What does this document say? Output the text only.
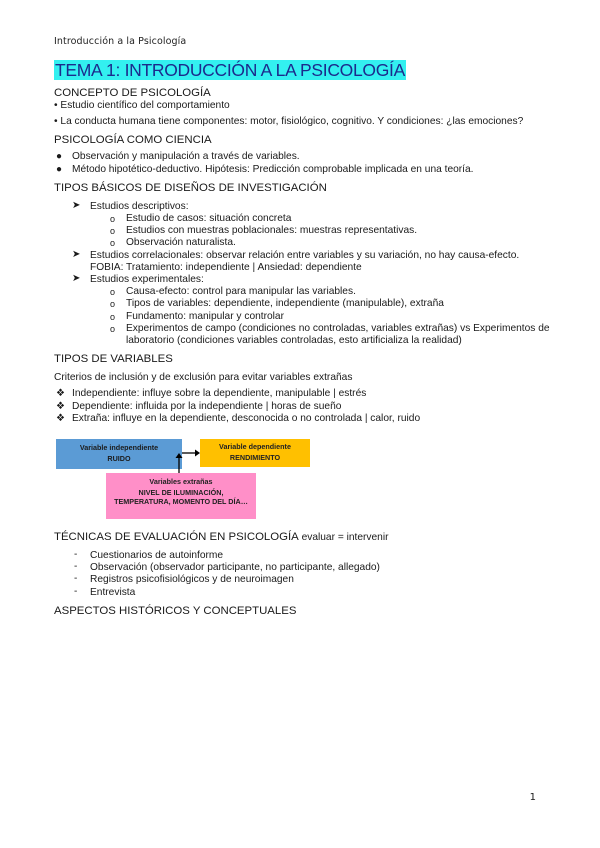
Introducción a la Psicología
TEMA 1: INTRODUCCIÓN A LA PSICOLOGÍA
CONCEPTO DE PSICOLOGÍA
• Estudio científico del comportamiento
• La conducta humana tiene componentes: motor, fisiológico, cognitivo. Y condiciones: ¿las emociones?
PSICOLOGÍA COMO CIENCIA
● Observación y manipulación a través de variables.
● Método hipotético-deductivo. Hipótesis: Predicción comprobable implicada en una teoría.
TIPOS BÁSICOS DE DISEÑOS DE INVESTIGACIÓN
➤ Estudios descriptivos:
o Estudio de casos: situación concreta
o Estudios con muestras poblacionales: muestras representativas.
o Observación naturalista.
➤ Estudios correlacionales: observar relación entre variables y su variación, no hay causa-efecto. FOBIA: Tratamiento: independiente | Ansiedad: dependiente
➤ Estudios experimentales:
o Causa-efecto: control para manipular las variables.
o Tipos de variables: dependiente, independiente (manipulable), extraña
o Fundamento: manipular y controlar
o Experimentos de campo (condiciones no controladas, variables extrañas) vs Experimentos de laboratorio (condiciones variables controladas, esto artificializa la realidad)
TIPOS DE VARIABLES
Criterios de inclusión y de exclusión para evitar variables extrañas
❖ Independiente: influye sobre la dependiente, manipulable | estrés
❖ Dependiente: influida por la independiente | horas de sueño
❖ Extraña: influye en la dependiente, desconocida o no controlada | calor, ruido
Variable independiente
RUIDO
Variable dependiente
RENDIMIENTO
Variables extrañas
NIVEL DE ILUMINACIÓN,
TEMPERATURA, MOMENTO DEL DÍA…
TÉCNICAS DE EVALUACIÓN EN PSICOLOGÍA evaluar = intervenir
- Cuestionarios de autoinforme
- Observación (observador participante, no participante, allegado)
- Registros psicofisiológicos y de neuroimagen
- Entrevista
ASPECTOS HISTÓRICOS Y CONCEPTUALES
1
